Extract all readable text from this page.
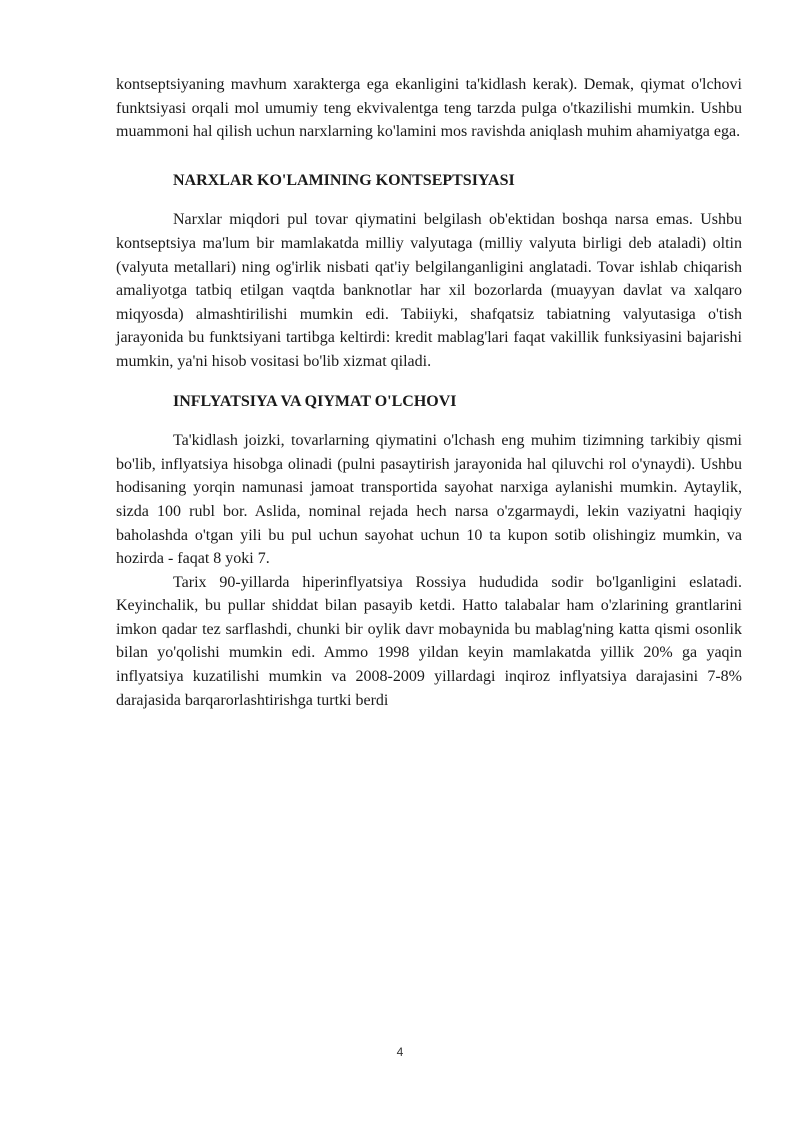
kontseptsiyaning mavhum xarakterga ega ekanligini ta'kidlash kerak). Demak, qiymat o'lchovi funktsiyasi orqali mol umumiy teng ekvivalentga teng tarzda pulga o'tkazilishi mumkin. Ushbu muammoni hal qilish uchun narxlarning ko'lamini mos ravishda aniqlash muhim ahamiyatga ega.

NARXLAR KO'LAMINING KONTSEPTSIYASI

Narxlar miqdori pul tovar qiymatini belgilash ob'ektidan boshqa narsa emas. Ushbu kontseptsiya ma'lum bir mamlakatda milliy valyutaga (milliy valyuta birligi deb ataladi) oltin (valyuta metallari) ning og'irlik nisbati qat'iy belgilanganligini anglatadi. Tovar ishlab chiqarish amaliyotga tatbiq etilgan vaqtda banknotlar har xil bozorlarda (muayyan davlat va xalqaro miqyosda) almashtirilishi mumkin edi. Tabiiyki, shafqatsiz tabiatning valyutasiga o'tish jarayonida bu funktsiyani tartibga keltirdi: kredit mablag'lari faqat vakillik funksiyasini bajarishi mumkin, ya'ni hisob vositasi bo'lib xizmat qiladi.

INFLYATSIYA VA QIYMAT O'LCHOVI

Ta'kidlash joizki, tovarlarning qiymatini o'lchash eng muhim tizimning tarkibiy qismi bo'lib, inflyatsiya hisobga olinadi (pulni pasaytirish jarayonida hal qiluvchi rol o'ynaydi). Ushbu hodisaning yorqin namunasi jamoat transportida sayohat narxiga aylanishi mumkin. Aytaylik, sizda 100 rubl bor. Aslida, nominal rejada hech narsa o'zgarmaydi, lekin vaziyatni haqiqiy baholashda o'tgan yili bu pul uchun sayohat uchun 10 ta kupon sotib olishingiz mumkin, va hozirda - faqat 8 yoki 7.

Tarix 90-yillarda hiperinflyatsiya Rossiya hududida sodir bo'lganligini eslatadi. Keyinchalik, bu pullar shiddat bilan pasayib ketdi. Hatto talabalar ham o'zlarining grantlarini imkon qadar tez sarflashdi, chunki bir oylik davr mobaynida bu mablag'ning katta qismi osonlik bilan yo'qolishi mumkin edi. Ammo 1998 yildan keyin mamlakatda yillik 20% ga yaqin inflyatsiya kuzatilishi mumkin va 2008-2009 yillardagi inqiroz inflyatsiya darajasini 7-8% darajasida barqarorlashtirishga turtki berdi

4
